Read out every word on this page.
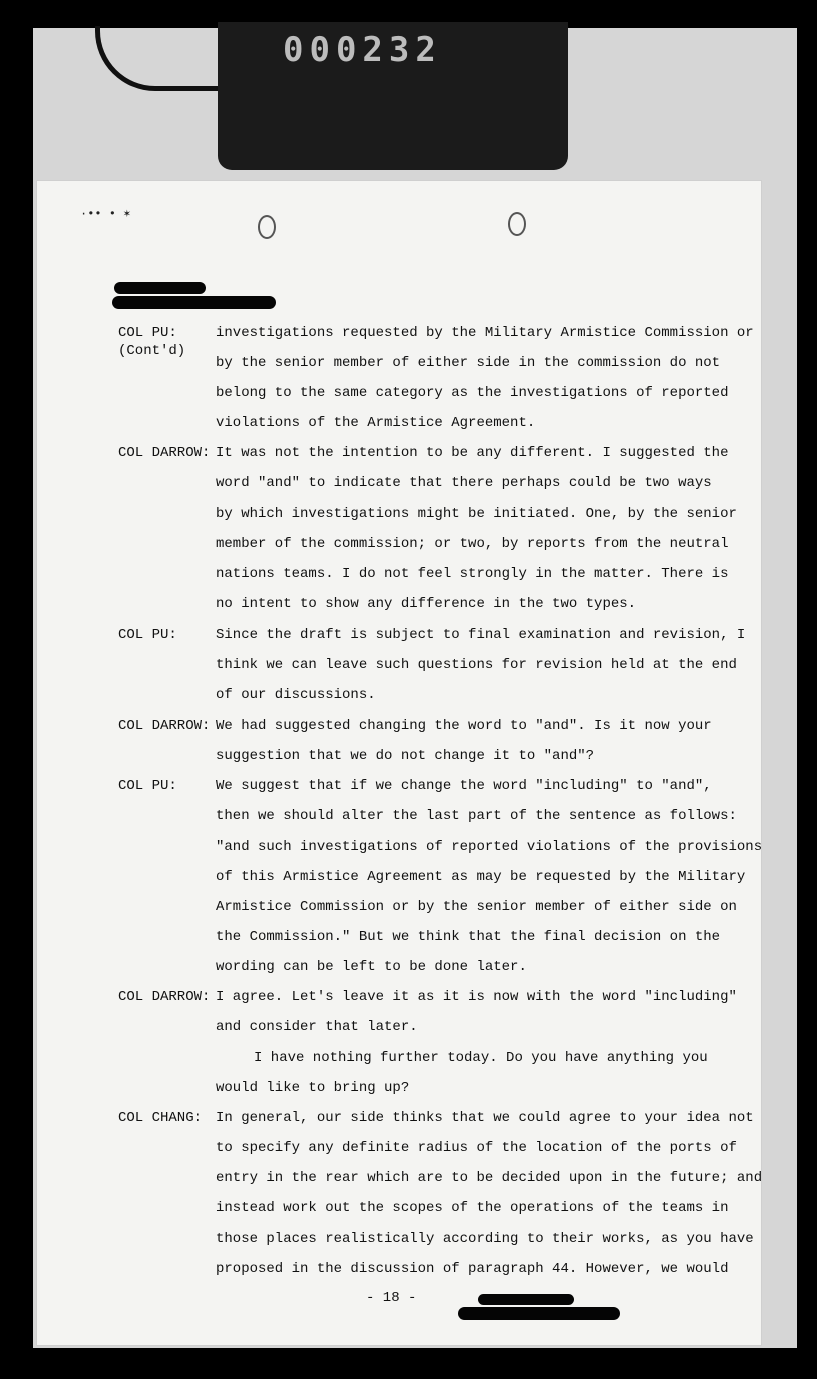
000232
·•• • ✶
COL PU:
(Cont'd)
investigations requested by the Military Armistice Commission or
by the senior member of either side in the commission do not
belong to the same category as the investigations of reported
violations of the Armistice Agreement.
COL DARROW: It was not the intention to be any different. I suggested the
word "and" to indicate that there perhaps could be two ways
by which investigations might be initiated. One, by the senior
member of the commission; or two, by reports from the neutral
nations teams. I do not feel strongly in the matter. There is
no intent to show any difference in the two types.
COL PU:	Since the draft is subject to final examination and revision, I
think we can leave such questions for revision held at the end
of our discussions.
COL DARROW: We had suggested changing the word to "and". Is it now your
suggestion that we do not change it to "and"?
COL PU:	We suggest that if we change the word "including" to "and",
then we should alter the last part of the sentence as follows:
"and such investigations of reported violations of the provisions
of this Armistice Agreement as may be requested by the Military
Armistice Commission or by the senior member of either side on
the Commission." But we think that the final decision on the
wording can be left to be done later.
COL DARROW: I agree. Let's leave it as it is now with the word "including"
and consider that later.
I have nothing further today. Do you have anything you
would like to bring up?
COL CHANG: In general, our side thinks that we could agree to your idea not
to specify any definite radius of the location of the ports of
entry in the rear which are to be decided upon in the future; and
instead work out the scopes of the operations of the teams in
those places realistically according to their works, as you have
proposed in the discussion of paragraph 44. However, we would
- 18 -
